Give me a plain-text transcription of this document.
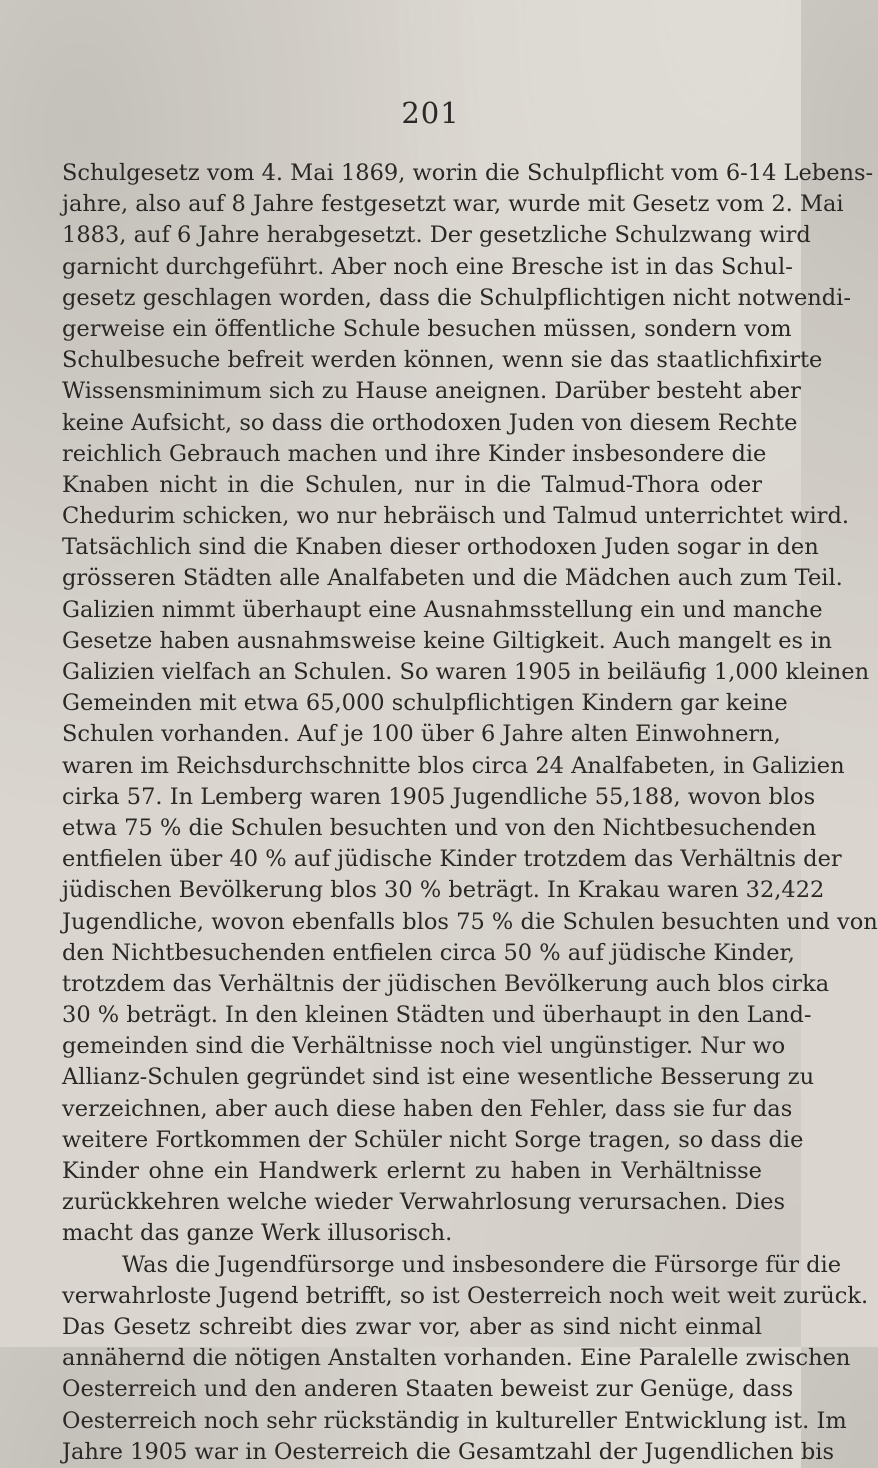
201
Schulgesetz vom 4. Mai 1869, worin die Schulpflicht vom 6-14 Lebens-
jahre, also auf 8 Jahre festgesetzt war, wurde mit Gesetz vom 2. Mai
1883, auf 6 Jahre herabgesetzt. Der gesetzliche Schulzwang wird
garnicht durchgeführt. Aber noch eine Bresche ist in das Schul-
gesetz geschlagen worden, dass die Schulpflichtigen nicht notwendi-
gerweise ein öffentliche Schule besuchen müssen, sondern vom
Schulbesuche befreit werden können, wenn sie das staatlichfixirte
Wissensminimum sich zu Hause aneignen. Darüber besteht aber
keine Aufsicht, so dass die orthodoxen Juden von diesem Rechte
reichlich Gebrauch machen und ihre Kinder insbesondere die
Knaben nicht in die Schulen, nur in die Talmud-Thora oder
Chedurim schicken, wo nur hebräisch und Talmud unterrichtet wird.
Tatsächlich sind die Knaben dieser orthodoxen Juden sogar in den
grösseren Städten alle Analfabeten und die Mädchen auch zum Teil.
Galizien nimmt überhaupt eine Ausnahmsstellung ein und manche
Gesetze haben ausnahmsweise keine Giltigkeit. Auch mangelt es in
Galizien vielfach an Schulen. So waren 1905 in beiläufig 1,000 kleinen
Gemeinden mit etwa 65,000 schulpflichtigen Kindern gar keine
Schulen vorhanden. Auf je 100 über 6 Jahre alten Einwohnern,
waren im Reichsdurchschnitte blos circa 24 Analfabeten, in Galizien
cirka 57. In Lemberg waren 1905 Jugendliche 55,188, wovon blos
etwa 75 % die Schulen besuchten und von den Nichtbesuchenden
entfielen über 40 % auf jüdische Kinder trotzdem das Verhältnis der
jüdischen Bevölkerung blos 30 % beträgt. In Krakau waren 32,422
Jugendliche, wovon ebenfalls blos 75 % die Schulen besuchten und von
den Nichtbesuchenden entfielen circa 50 % auf jüdische Kinder,
trotzdem das Verhältnis der jüdischen Bevölkerung auch blos cirka
30 % beträgt. In den kleinen Städten und überhaupt in den Land-
gemeinden sind die Verhältnisse noch viel ungünstiger. Nur wo
Allianz-Schulen gegründet sind ist eine wesentliche Besserung zu
verzeichnen, aber auch diese haben den Fehler, dass sie fur das
weitere Fortkommen der Schüler nicht Sorge tragen, so dass die
Kinder ohne ein Handwerk erlernt zu haben in Verhältnisse
zurückkehren welche wieder Verwahrlosung verursachen. Dies
macht das ganze Werk illusorisch.
Was die Jugendfürsorge und insbesondere die Fürsorge für die
verwahrloste Jugend betrifft, so ist Oesterreich noch weit weit zurück.
Das Gesetz schreibt dies zwar vor, aber as sind nicht einmal
annähernd die nötigen Anstalten vorhanden. Eine Paralelle zwischen
Oesterreich und den anderen Staaten beweist zur Genüge, dass
Oesterreich noch sehr rückständig in kultureller Entwicklung ist. Im
Jahre 1905 war in Oesterreich die Gesamtzahl der Jugendlichen bis
